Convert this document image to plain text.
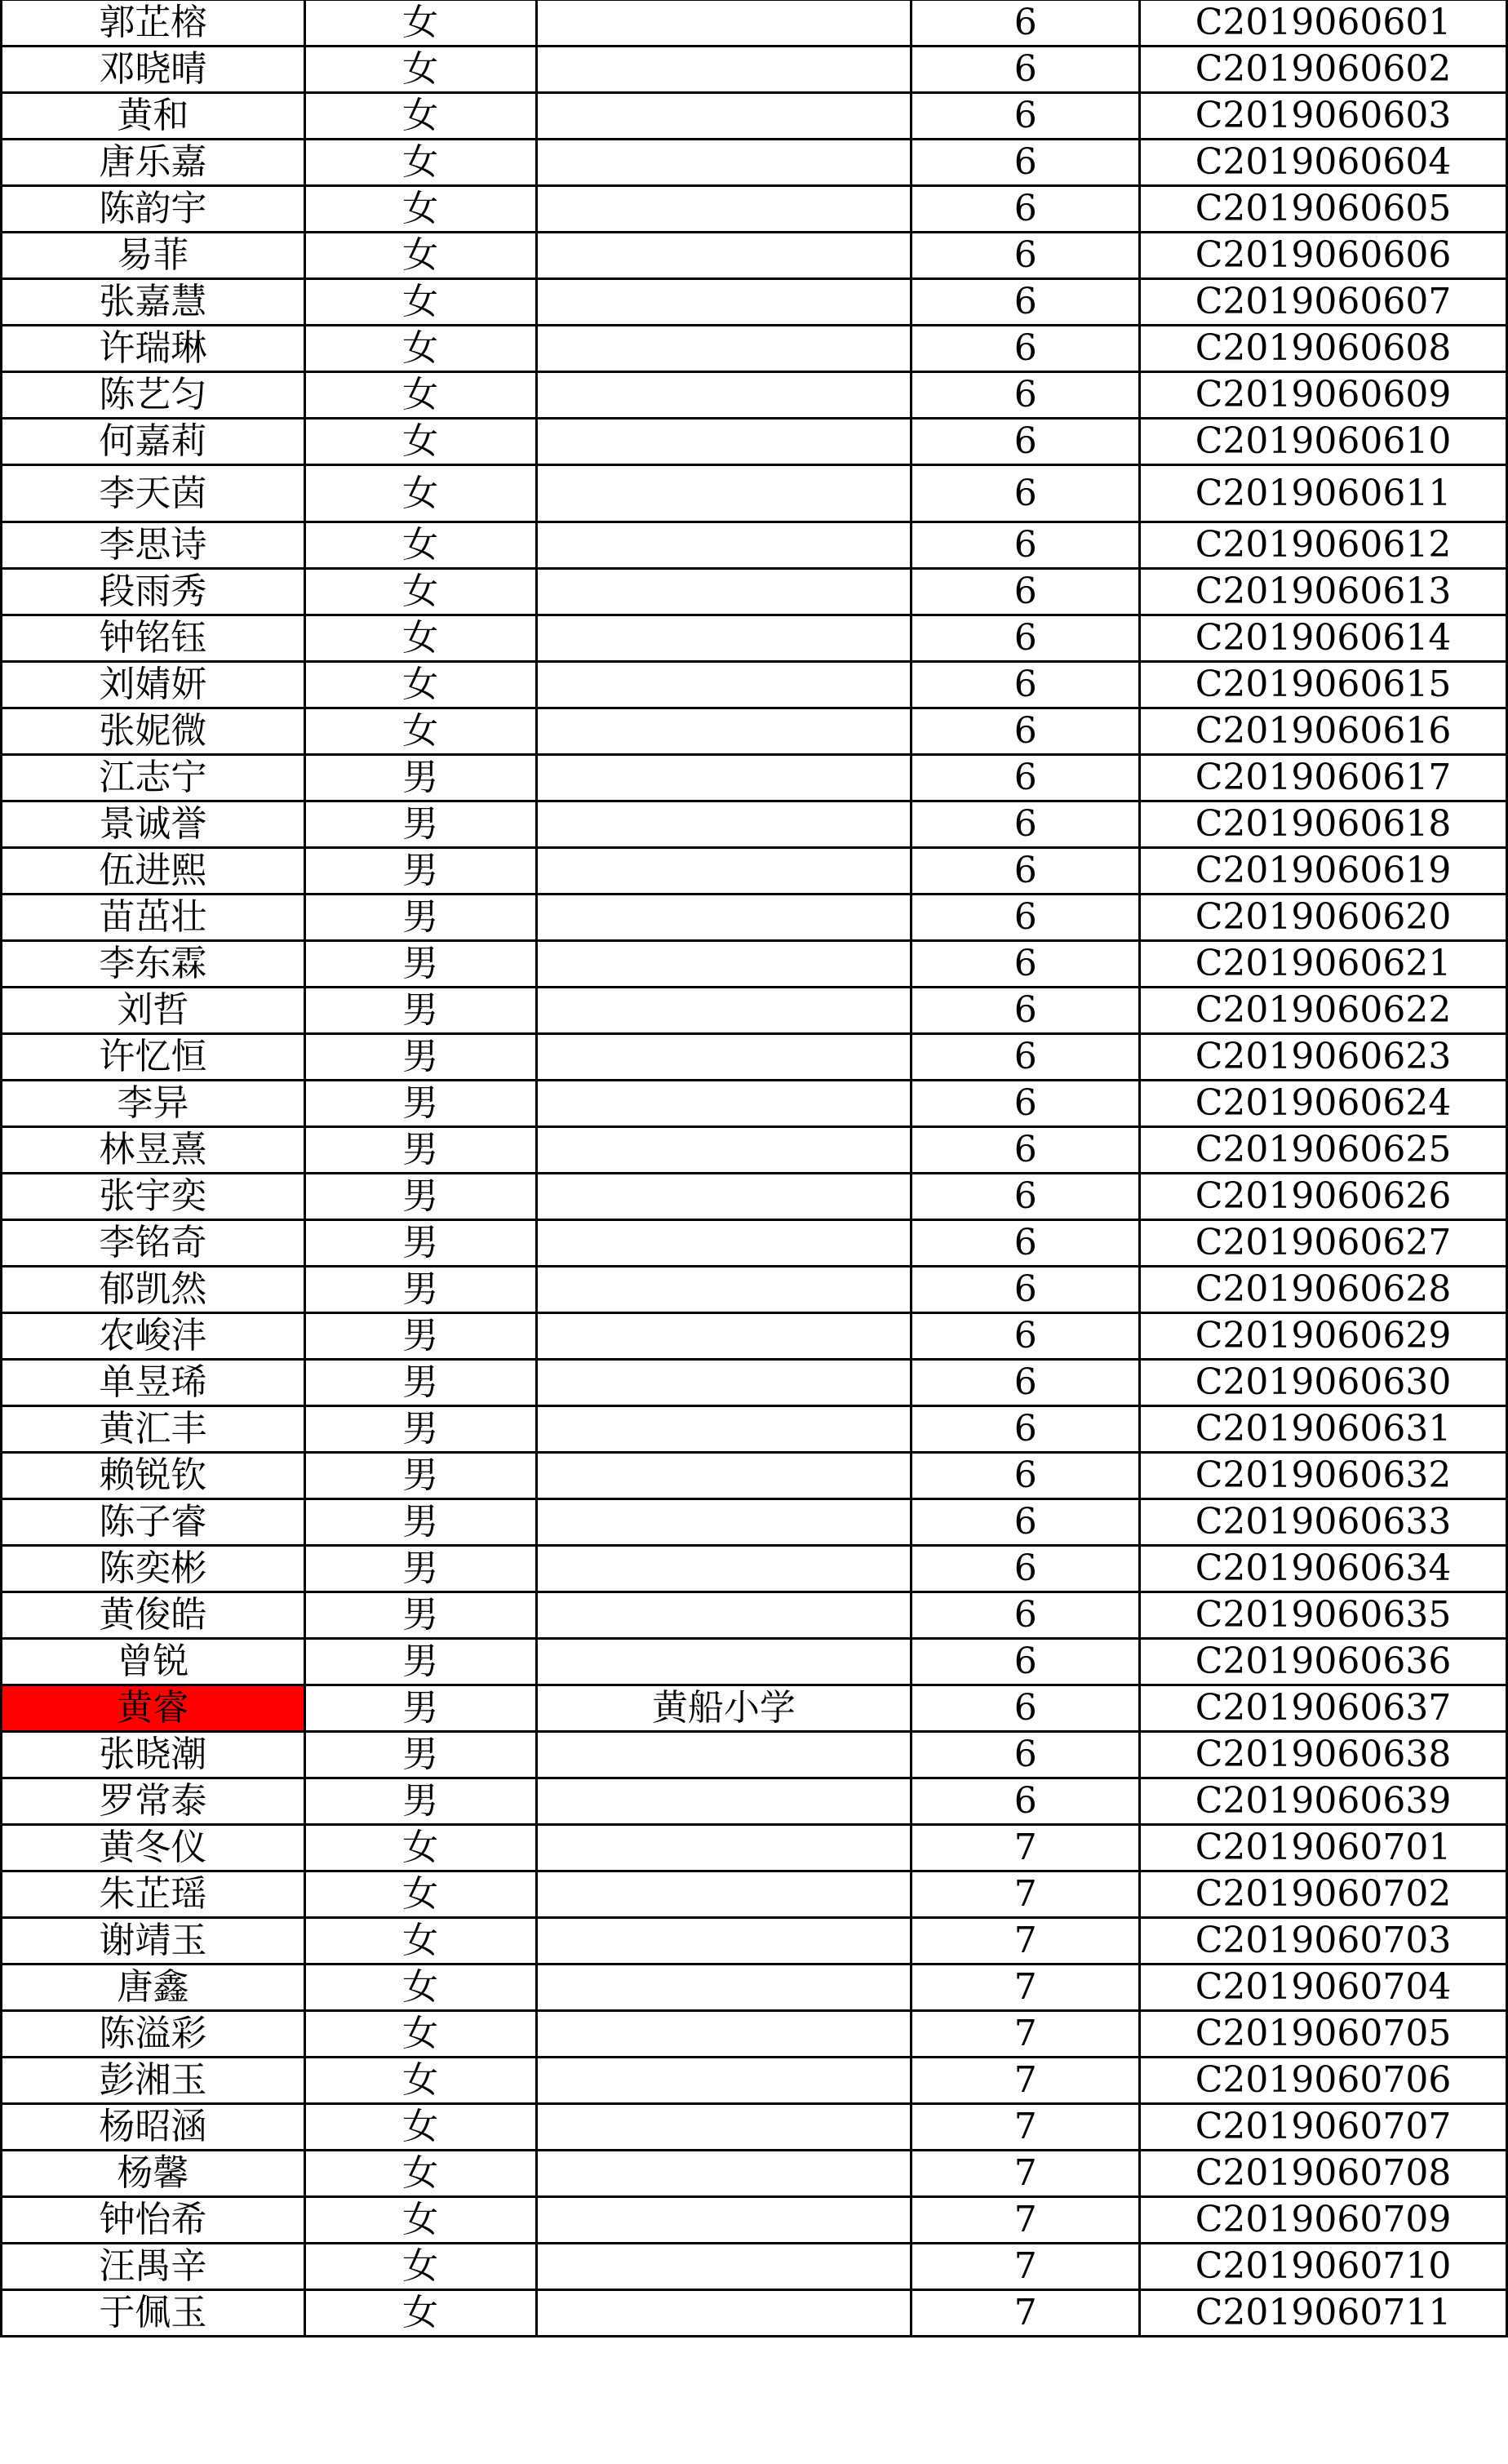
郭芷榕	女		6	C2019060601
邓晓晴	女		6	C2019060602
黄和	女		6	C2019060603
唐乐嘉	女		6	C2019060604
陈韵宇	女		6	C2019060605
易菲	女		6	C2019060606
张嘉慧	女		6	C2019060607
许瑞琳	女		6	C2019060608
陈艺匀	女		6	C2019060609
何嘉莉	女		6	C2019060610
李天茵	女		6	C2019060611
李思诗	女		6	C2019060612
段雨秀	女		6	C2019060613
钟铭钰	女		6	C2019060614
刘婧妍	女		6	C2019060615
张妮微	女		6	C2019060616
江志宁	男		6	C2019060617
景诚誉	男		6	C2019060618
伍进熙	男		6	C2019060619
苗茁壮	男		6	C2019060620
李东霖	男		6	C2019060621
刘哲	男		6	C2019060622
许忆恒	男		6	C2019060623
李异	男		6	C2019060624
林昱熹	男		6	C2019060625
张宇奕	男		6	C2019060626
李铭奇	男		6	C2019060627
郁凯然	男		6	C2019060628
农峻沣	男		6	C2019060629
单昱琋	男		6	C2019060630
黄汇丰	男		6	C2019060631
赖锐钦	男		6	C2019060632
陈子睿	男		6	C2019060633
陈奕彬	男		6	C2019060634
黄俊皓	男		6	C2019060635
曾锐	男		6	C2019060636
黄睿	男	黄船小学	6	C2019060637
张晓潮	男		6	C2019060638
罗常泰	男		6	C2019060639
黄冬仪	女		7	C2019060701
朱芷瑶	女		7	C2019060702
谢靖玉	女		7	C2019060703
唐鑫	女		7	C2019060704
陈溢彩	女		7	C2019060705
彭湘玉	女		7	C2019060706
杨昭涵	女		7	C2019060707
杨馨	女		7	C2019060708
钟怡希	女		7	C2019060709
汪禺辛	女		7	C2019060710
于佩玉	女		7	C2019060711
